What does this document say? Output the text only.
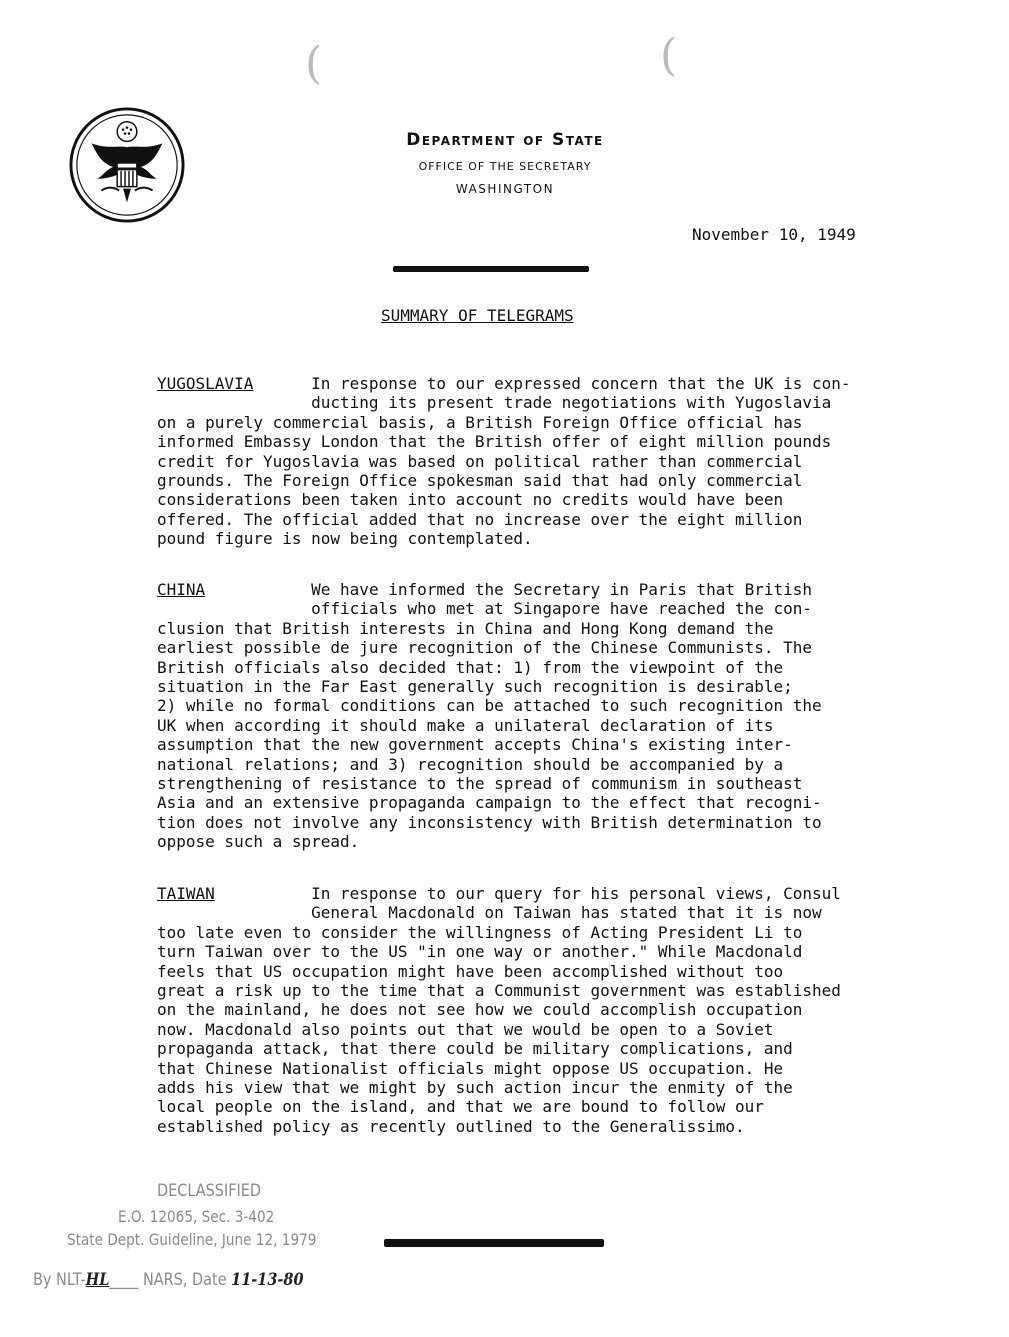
(	(
Department of State
OFFICE OF THE SECRETARY
WASHINGTON
November 10, 1949
SUMMARY OF TELEGRAMS
YUGOSLAVIA	In response to our expressed concern that the UK is con-
ducting its present trade negotiations with Yugoslavia
on a purely commercial basis, a British Foreign Office official has
informed Embassy London that the British offer of eight million pounds
credit for Yugoslavia was based on political rather than commercial
grounds. The Foreign Office spokesman said that had only commercial
considerations been taken into account no credits would have been
offered. The official added that no increase over the eight million
pound figure is now being contemplated.
CHINA	We have informed the Secretary in Paris that British
officials who met at Singapore have reached the con-
clusion that British interests in China and Hong Kong demand the
earliest possible de jure recognition of the Chinese Communists. The
British officials also decided that: 1) from the viewpoint of the
situation in the Far East generally such recognition is desirable;
2) while no formal conditions can be attached to such recognition the
UK when according it should make a unilateral declaration of its
assumption that the new government accepts China's existing inter-
national relations; and 3) recognition should be accompanied by a
strengthening of resistance to the spread of communism in southeast
Asia and an extensive propaganda campaign to the effect that recogni-
tion does not involve any inconsistency with British determination to
oppose such a spread.
TAIWAN	In response to our query for his personal views, Consul
General Macdonald on Taiwan has stated that it is now
too late even to consider the willingness of Acting President Li to
turn Taiwan over to the US "in one way or another." While Macdonald
feels that US occupation might have been accomplished without too
great a risk up to the time that a Communist government was established
on the mainland, he does not see how we could accomplish occupation
now. Macdonald also points out that we would be open to a Soviet
propaganda attack, that there could be military complications, and
that Chinese Nationalist officials might oppose US occupation. He
adds his view that we might by such action incur the enmity of the
local people on the island, and that we are bound to follow our
established policy as recently outlined to the Generalissimo.
DECLASSIFIED
E.O. 12065, Sec. 3-402
State Dept. Guideline, June 12, 1979
By NLT-HL____ NARS, Date 11-13-80
